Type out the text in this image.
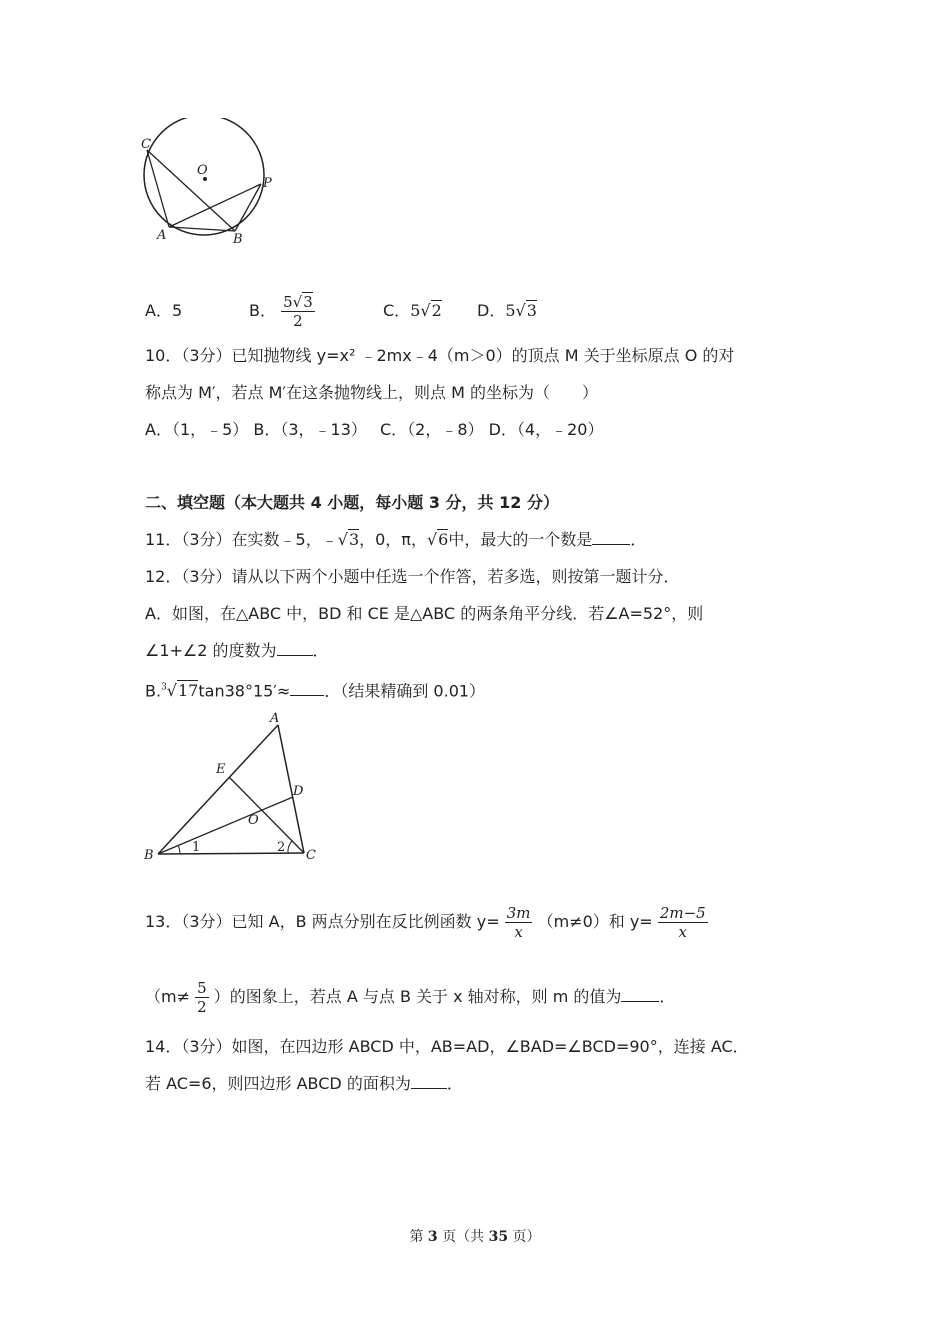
C
O
P
A	B
A．5	B． $\frac{5√3}{2}$	C．5√2 D．5√3
10．（3分）已知抛物线 y=x² ﹣2mx﹣4（m＞0）的顶点 M 关于坐标原点 O 的对
称点为 M′，若点 M′在这条抛物线上，则点 M 的坐标为（　　）
A．（1，﹣5） B．（3，﹣13）　 C．（2，﹣8） D．（4，﹣20）
二、填空题（本大题共 4 小题，每小题 3 分，共 12 分）
11．（3分）在实数﹣5，﹣√3，0，π，√6中，最大的一个数是 ．
12．（3分）请从以下两个小题中任选一个作答，若多选，则按第一题计分．
A．如图，在△ABC 中，BD 和 CE 是△ABC 的两条角平分线．若∠A=52°，则
∠1+∠2 的度数为 ．
B.$^3$√17tan38°15′≈ ．（结果精确到 0.01）
A
E
D
O
B	C
1	2
13．（3分）已知 A，B 两点分别在反比例函数 $y= \frac{3m}{x} (m\ne 0)$和 $y= \frac{2m-5}{x}$
（$m\ne \frac{5}{2}$ ）的图象上，若点 A 与点 B 关于 x 轴对称，则 m 的值为 ．
14．（3分）如图，在四边形 ABCD 中，AB=AD，∠BAD=∠BCD=90°，连接 AC．
若 AC=6，则四边形 ABCD 的面积为 ．
第 3 页（共 35 页）
